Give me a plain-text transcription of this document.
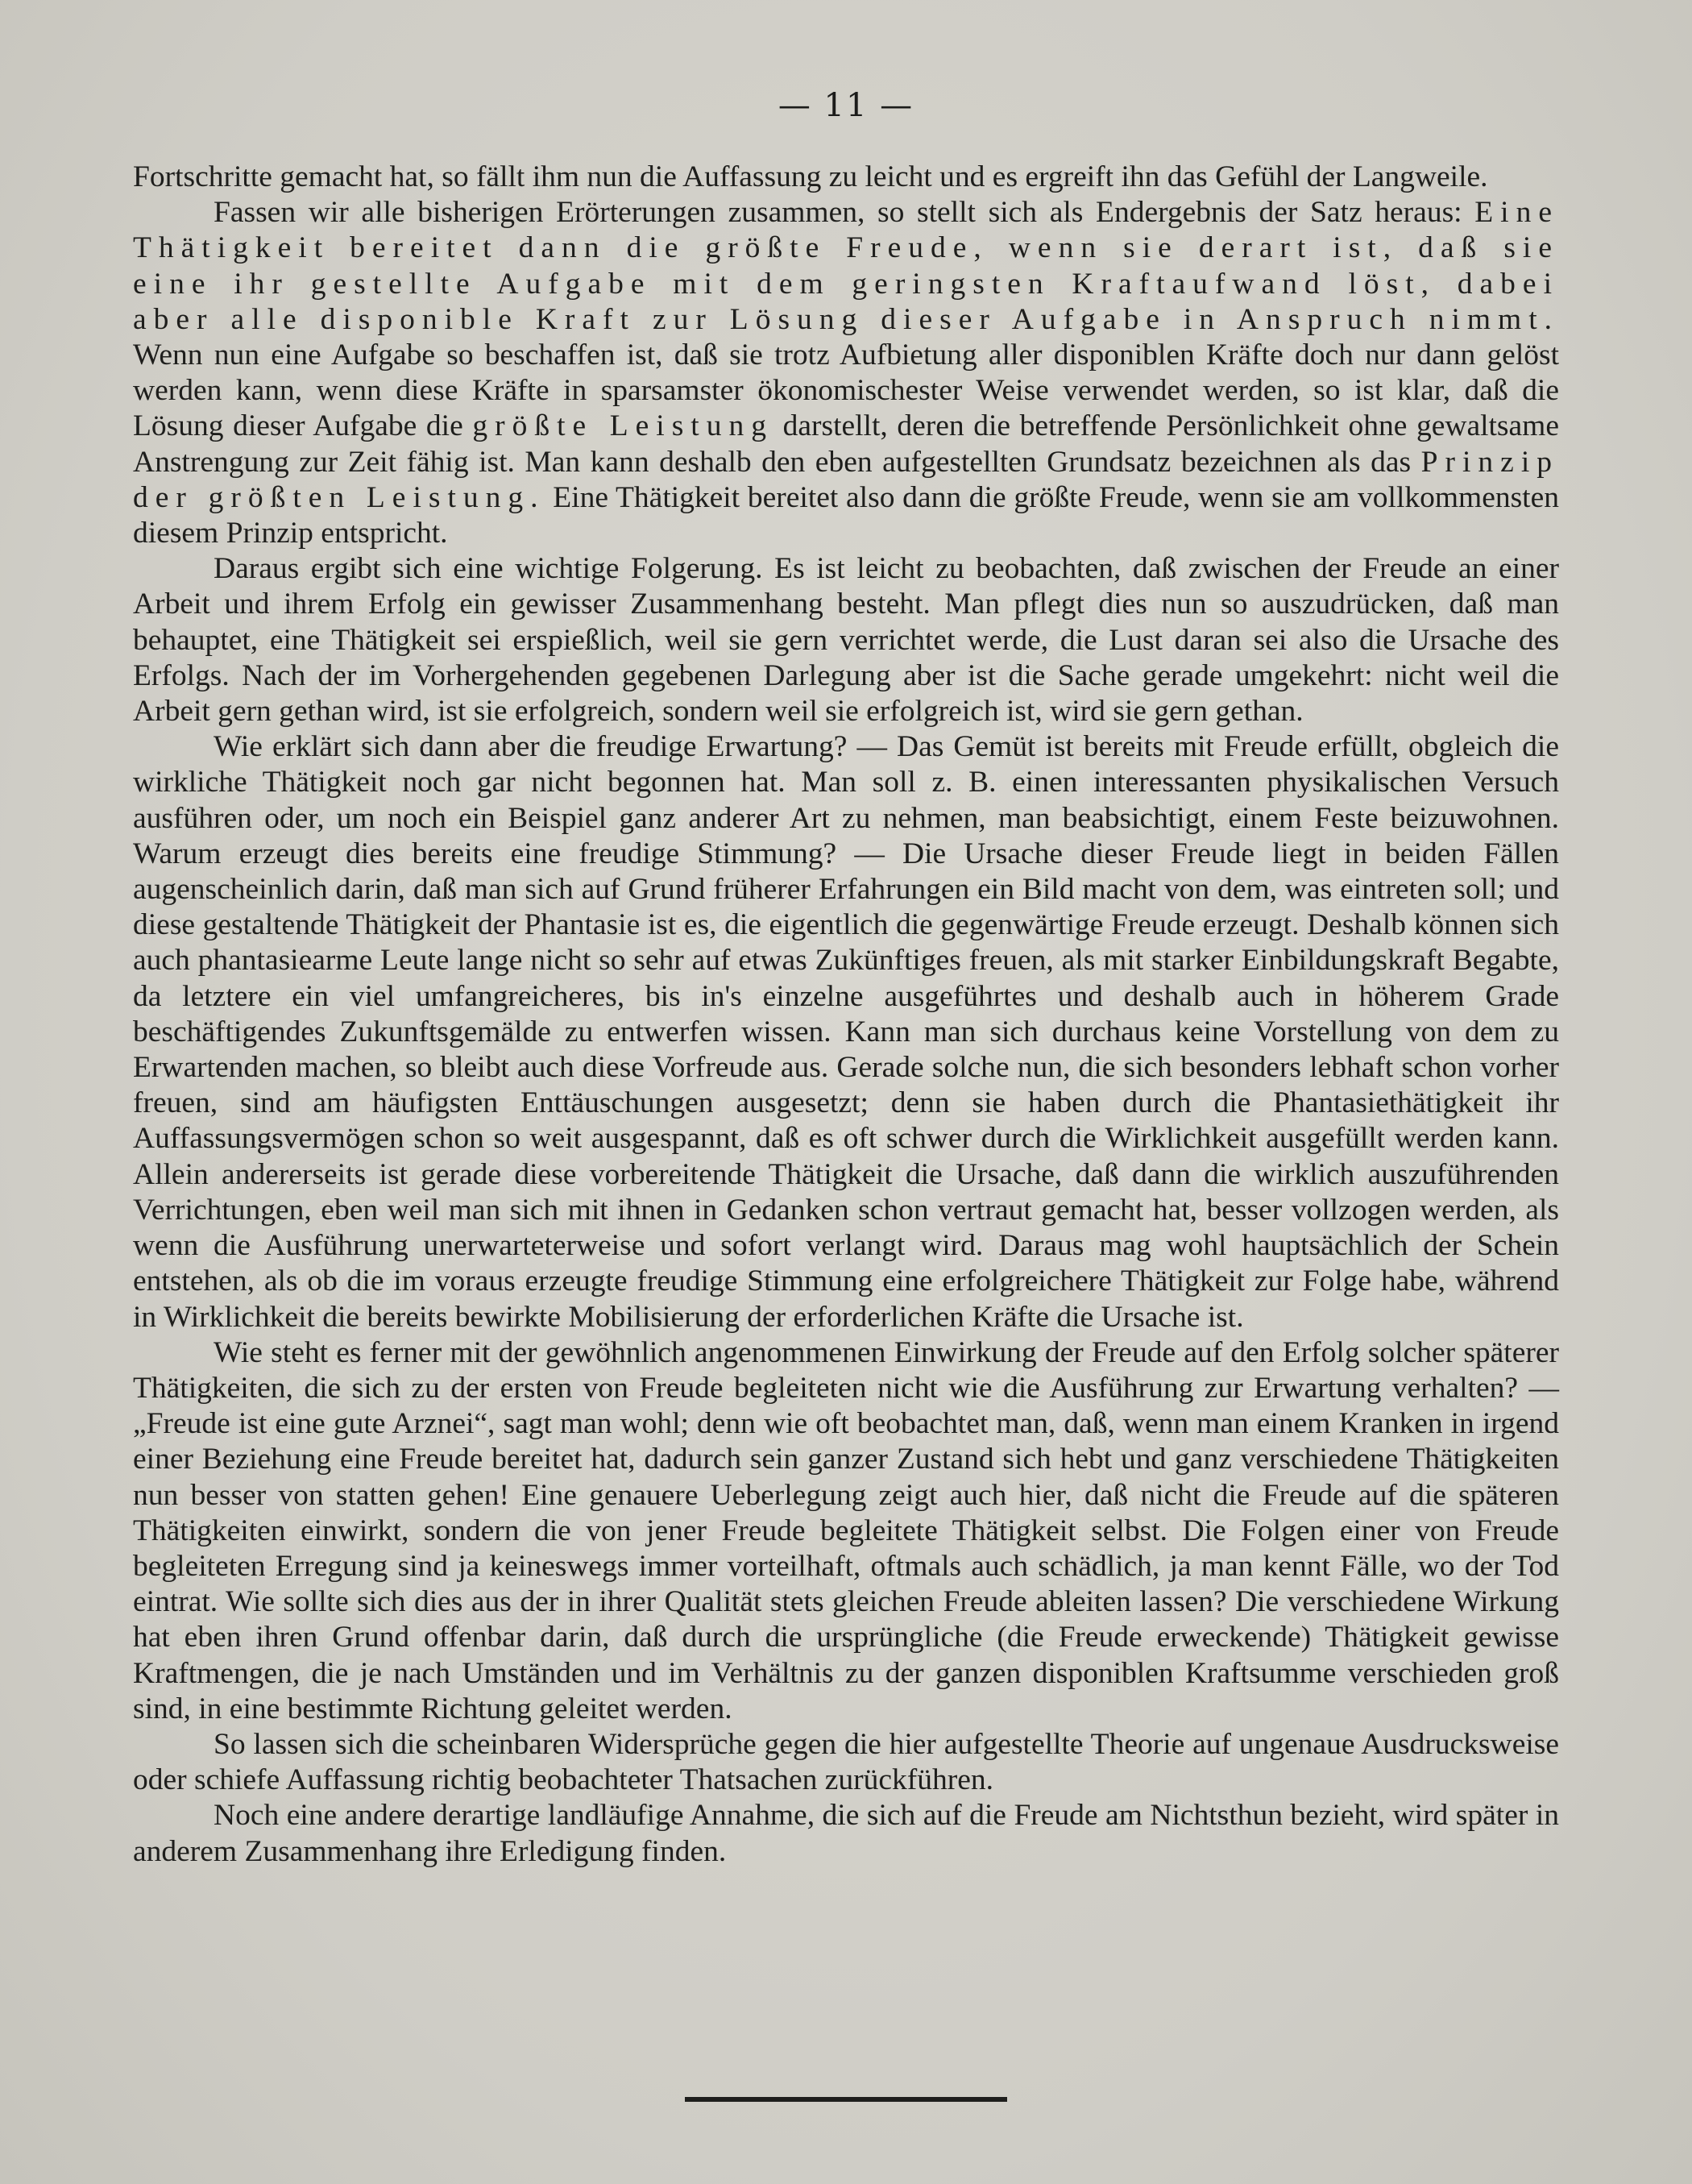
— 11 —

Fortschritte gemacht hat, so fällt ihm nun die Auffassung zu leicht und es ergreift ihn das Gefühl der Langweile.

Fassen wir alle bisherigen Erörterungen zusammen, so stellt sich als Endergebnis der Satz heraus: Eine Thätigkeit bereitet dann die größte Freude, wenn sie derart ist, daß sie eine ihr gestellte Aufgabe mit dem geringsten Kraftaufwand löst, dabei aber alle disponible Kraft zur Lösung dieser Aufgabe in Anspruch nimmt. Wenn nun eine Aufgabe so beschaffen ist, daß sie trotz Aufbietung aller disponiblen Kräfte doch nur dann gelöst werden kann, wenn diese Kräfte in sparsamster ökonomischester Weise verwendet werden, so ist klar, daß die Lösung dieser Aufgabe die größte Leistung darstellt, deren die betreffende Persönlichkeit ohne gewaltsame Anstrengung zur Zeit fähig ist. Man kann deshalb den eben aufgestellten Grundsatz bezeichnen als das Prinzip der größten Leistung. Eine Thätigkeit bereitet also dann die größte Freude, wenn sie am vollkommensten diesem Prinzip entspricht.

Daraus ergibt sich eine wichtige Folgerung. Es ist leicht zu beobachten, daß zwischen der Freude an einer Arbeit und ihrem Erfolg ein gewisser Zusammenhang besteht. Man pflegt dies nun so auszudrücken, daß man behauptet, eine Thätigkeit sei erspießlich, weil sie gern verrichtet werde, die Lust daran sei also die Ursache des Erfolgs. Nach der im Vorhergehenden gegebenen Darlegung aber ist die Sache gerade umgekehrt: nicht weil die Arbeit gern gethan wird, ist sie erfolgreich, sondern weil sie erfolgreich ist, wird sie gern gethan.

Wie erklärt sich dann aber die freudige Erwartung? — Das Gemüt ist bereits mit Freude erfüllt, obgleich die wirkliche Thätigkeit noch gar nicht begonnen hat. Man soll z. B. einen interessanten physikalischen Versuch ausführen oder, um noch ein Beispiel ganz anderer Art zu nehmen, man beabsichtigt, einem Feste beizuwohnen. Warum erzeugt dies bereits eine freudige Stimmung? — Die Ursache dieser Freude liegt in beiden Fällen augenscheinlich darin, daß man sich auf Grund früherer Erfahrungen ein Bild macht von dem, was eintreten soll; und diese gestaltende Thätigkeit der Phantasie ist es, die eigentlich die gegenwärtige Freude erzeugt. Deshalb können sich auch phantasiearme Leute lange nicht so sehr auf etwas Zukünftiges freuen, als mit starker Einbildungskraft Begabte, da letztere ein viel umfangreicheres, bis in's einzelne ausgeführtes und deshalb auch in höherem Grade beschäftigendes Zukunftsgemälde zu entwerfen wissen. Kann man sich durchaus keine Vorstellung von dem zu Erwartenden machen, so bleibt auch diese Vorfreude aus. Gerade solche nun, die sich besonders lebhaft schon vorher freuen, sind am häufigsten Enttäuschungen ausgesetzt; denn sie haben durch die Phantasiethätigkeit ihr Auffassungsvermögen schon so weit ausgespannt, daß es oft schwer durch die Wirklichkeit ausgefüllt werden kann. Allein andererseits ist gerade diese vorbereitende Thätigkeit die Ursache, daß dann die wirklich auszuführenden Verrichtungen, eben weil man sich mit ihnen in Gedanken schon vertraut gemacht hat, besser vollzogen werden, als wenn die Ausführung unerwarteterweise und sofort verlangt wird. Daraus mag wohl hauptsächlich der Schein entstehen, als ob die im voraus erzeugte freudige Stimmung eine erfolgreichere Thätigkeit zur Folge habe, während in Wirklichkeit die bereits bewirkte Mobilisierung der erforderlichen Kräfte die Ursache ist.

Wie steht es ferner mit der gewöhnlich angenommenen Einwirkung der Freude auf den Erfolg solcher späterer Thätigkeiten, die sich zu der ersten von Freude begleiteten nicht wie die Ausführung zur Erwartung verhalten? — „Freude ist eine gute Arznei“, sagt man wohl; denn wie oft beobachtet man, daß, wenn man einem Kranken in irgend einer Beziehung eine Freude bereitet hat, dadurch sein ganzer Zustand sich hebt und ganz verschiedene Thätigkeiten nun besser von statten gehen! Eine genauere Ueberlegung zeigt auch hier, daß nicht die Freude auf die späteren Thätigkeiten einwirkt, sondern die von jener Freude begleitete Thätigkeit selbst. Die Folgen einer von Freude begleiteten Erregung sind ja keineswegs immer vorteilhaft, oftmals auch schädlich, ja man kennt Fälle, wo der Tod eintrat. Wie sollte sich dies aus der in ihrer Qualität stets gleichen Freude ableiten lassen? Die verschiedene Wirkung hat eben ihren Grund offenbar darin, daß durch die ursprüngliche (die Freude erweckende) Thätigkeit gewisse Kraftmengen, die je nach Umständen und im Verhältnis zu der ganzen disponiblen Kraftsumme verschieden groß sind, in eine bestimmte Richtung geleitet werden.

So lassen sich die scheinbaren Widersprüche gegen die hier aufgestellte Theorie auf ungenaue Ausdrucksweise oder schiefe Auffassung richtig beobachteter Thatsachen zurückführen.

Noch eine andere derartige landläufige Annahme, die sich auf die Freude am Nichtsthun bezieht, wird später in anderem Zusammenhang ihre Erledigung finden.
